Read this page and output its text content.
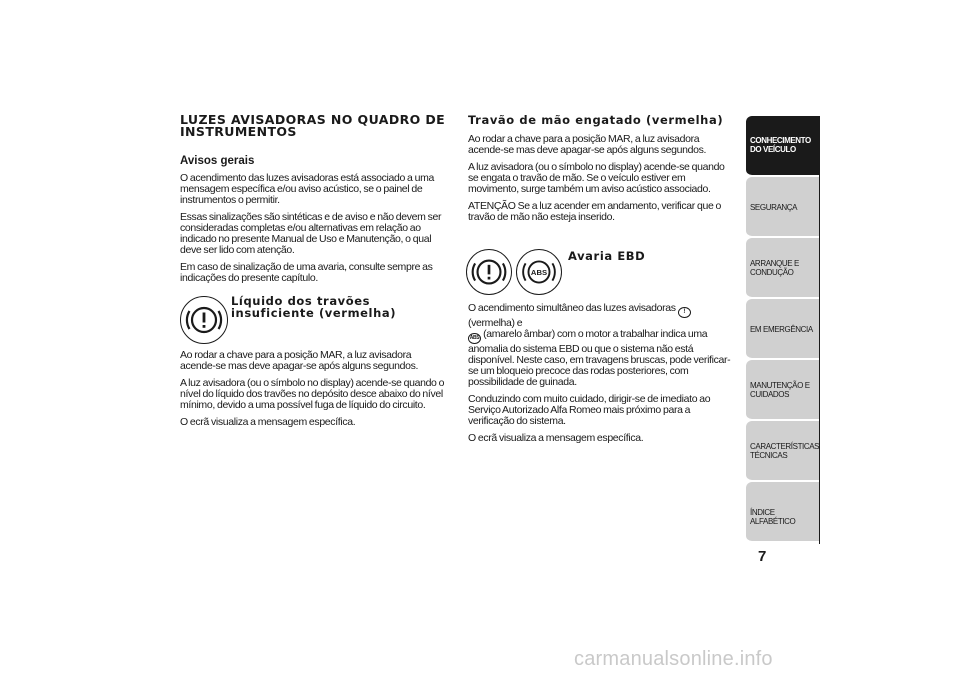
LUZES AVISADORAS NO QUADRO DE
INSTRUMENTOS
Avisos gerais

O acendimento das luzes avisadoras está associado a uma mensagem específica e/ou aviso acústico, se o painel de instrumentos o permitir.

Essas sinalizações são sintéticas e de aviso e não devem ser consideradas completas e/ou alternativas em relação ao indicado no presente Manual de Uso e Manutenção, o qual deve ser lido com atenção.

Em caso de sinalização de uma avaria, consulte sempre as indicações do presente capítulo.

Líquido dos travões
insuficiente (vermelha)

Ao rodar a chave para a posição MAR, a luz avisadora acende-se mas deve apagar-se após alguns segundos.

A luz avisadora (ou o símbolo no display) acende-se quando o nível do líquido dos travões no depósito desce abaixo do nível mínimo, devido a uma possível fuga de líquido do circuito.

O ecrã visualiza a mensagem específica.

Travão de mão engatado (vermelha)

Ao rodar a chave para a posição MAR, a luz avisadora acende-se mas deve apagar-se após alguns segundos.

A luz avisadora (ou o símbolo no display) acende-se quando se engata o travão de mão. Se o veículo estiver em movimento, surge também um aviso acústico associado.

ATENÇÃO Se a luz acender em andamento, verificar que o travão de mão não esteja inserido.

ABS
Avaria EBD

O acendimento simultâneo das luzes avisadoras ! (vermelha) e
ABS (amarelo âmbar) com o motor a trabalhar indica uma anomalia do sistema EBD ou que o sistema não está disponível. Neste caso, em travagens bruscas, pode verificar-se um bloqueio precoce das rodas posteriores, com possibilidade de guinada.

Conduzindo com muito cuidado, dirigir-se de imediato ao Serviço Autorizado Alfa Romeo mais próximo para a verificação do sistema.

O ecrã visualiza a mensagem específica.

CONHECIMENTO
DO VEÍCULO
SEGURANÇA
ARRANQUE E
CONDUÇÃO
EM EMERGÊNCIA
MANUTENÇÃO E
CUIDADOS
CARACTERÍSTICAS
TÉCNICAS
ÍNDICE ALFABÉTICO
7
carmanualsonline.info
